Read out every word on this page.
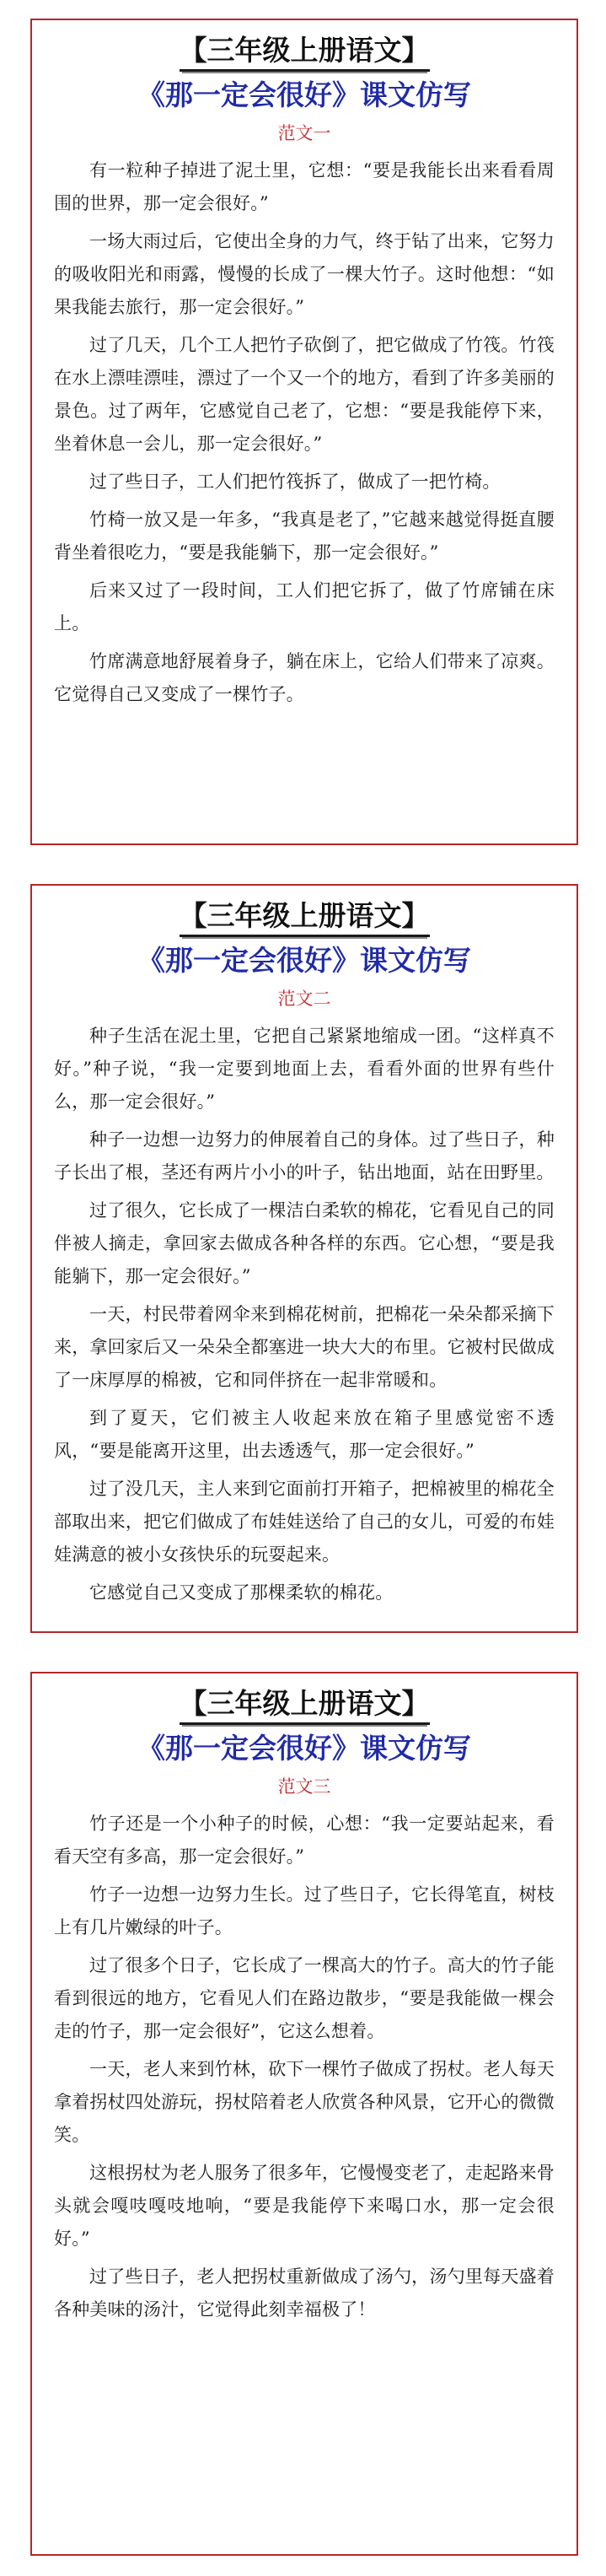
【三年级上册语文】
《那一定会很好》课文仿写
范文一

有一粒种子掉进了泥土里，它想：“要是我能长出来看看周围的世界，那一定会很好。”

一场大雨过后，它使出全身的力气，终于钻了出来，它努力的吸收阳光和雨露，慢慢的长成了一棵大竹子。这时他想：“如果我能去旅行，那一定会很好。”

过了几天，几个工人把竹子砍倒了，把它做成了竹筏。竹筏在水上漂哇漂哇，漂过了一个又一个的地方，看到了许多美丽的景色。过了两年，它感觉自己老了，它想：“要是我能停下来，坐着休息一会儿，那一定会很好。”

过了些日子，工人们把竹筏拆了，做成了一把竹椅。

竹椅一放又是一年多，“我真是老了，”它越来越觉得挺直腰背坐着很吃力，“要是我能躺下，那一定会很好。”

后来又过了一段时间，工人们把它拆了，做了竹席铺在床上。

竹席满意地舒展着身子，躺在床上，它给人们带来了凉爽。它觉得自己又变成了一棵竹子。

【三年级上册语文】
《那一定会很好》课文仿写
范文二

种子生活在泥土里，它把自己紧紧地缩成一团。“这样真不好。”种子说，“我一定要到地面上去，看看外面的世界有些什么，那一定会很好。”

种子一边想一边努力的伸展着自己的身体。过了些日子，种子长出了根，茎还有两片小小的叶子，钻出地面，站在田野里。

过了很久，它长成了一棵洁白柔软的棉花，它看见自己的同伴被人摘走，拿回家去做成各种各样的东西。它心想，“要是我能躺下，那一定会很好。”

一天，村民带着网伞来到棉花树前，把棉花一朵朵都采摘下来，拿回家后又一朵朵全都塞进一块大大的布里。它被村民做成了一床厚厚的棉被，它和同伴挤在一起非常暖和。

到了夏天，它们被主人收起来放在箱子里感觉密不透风，“要是能离开这里，出去透透气，那一定会很好。”

过了没几天，主人来到它面前打开箱子，把棉被里的棉花全部取出来，把它们做成了布娃娃送给了自己的女儿，可爱的布娃娃满意的被小女孩快乐的玩耍起来。

它感觉自己又变成了那棵柔软的棉花。

【三年级上册语文】
《那一定会很好》课文仿写
范文三

竹子还是一个小种子的时候，心想：“我一定要站起来，看看天空有多高，那一定会很好。”

竹子一边想一边努力生长。过了些日子，它长得笔直，树枝上有几片嫩绿的叶子。

过了很多个日子，它长成了一棵高大的竹子。高大的竹子能看到很远的地方，它看见人们在路边散步，“要是我能做一棵会走的竹子，那一定会很好”，它这么想着。

一天，老人来到竹林，砍下一棵竹子做成了拐杖。老人每天拿着拐杖四处游玩，拐杖陪着老人欣赏各种风景，它开心的微微笑。

这根拐杖为老人服务了很多年，它慢慢变老了，走起路来骨头就会嘎吱嘎吱地响，“要是我能停下来喝口水，那一定会很好。”

过了些日子，老人把拐杖重新做成了汤勺，汤勺里每天盛着各种美味的汤汁，它觉得此刻幸福极了！
